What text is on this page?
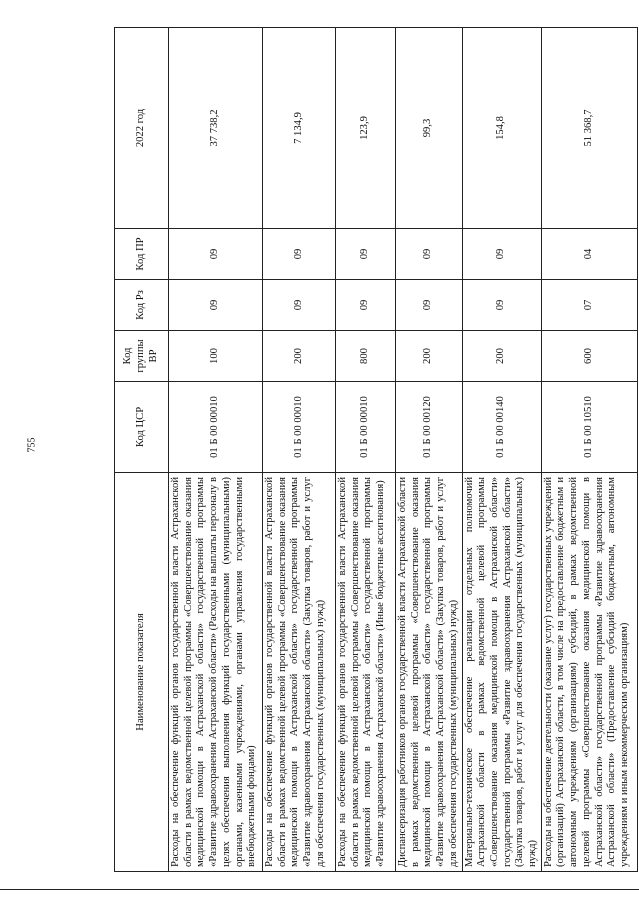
755
Наименование показателя	Код ЦСР	Код группы ВР	Код Рз	Код ПР	2022 год
Расходы на обеспечение функций органов государственной власти Астраханской области в рамках ведомственной целевой программы «Совершенствование оказания медицинской помощи в Астраханской области» государственной программы «Развитие здравоохранения Астраханской области» (Расходы на выплаты персоналу в целях обеспечения выполнения функций государственными (муниципальными) органами, казенными учреждениями, органами управления государственными внебюджетными фондами)	01 Б 00 00010	100	09	09	37 738,2
Расходы на обеспечение функций органов государственной власти Астраханской области в рамках ведомственной целевой программы «Совершенствование оказания медицинской помощи в Астраханской области» государственной программы «Развитие здравоохранения Астраханской области» (Закупка товаров, работ и услуг для обеспечения государственных (муниципальных) нужд)	01 Б 00 00010	200	09	09	7 134,9
Расходы на обеспечение функций органов государственной власти Астраханской области в рамках ведомственной целевой программы «Совершенствование оказания медицинской помощи в Астраханской области» государственной программы «Развитие здравоохранения Астраханской области» (Иные бюджетные ассигнования)	01 Б 00 00010	800	09	09	123,9
Диспансеризация работников органов государственной власти Астраханской области в рамках ведомственной целевой программы «Совершенствование оказания медицинской помощи в Астраханской области» государственной программы «Развитие здравоохранения Астраханской области» (Закупка товаров, работ и услуг для обеспечения государственных (муниципальных) нужд)	01 Б 00 00120	200	09	09	99,3
Материально-техническое обеспечение реализации отдельных полномочий Астраханской области в рамках ведомственной целевой программы «Совершенствование оказания медицинской помощи в Астраханской области» государственной программы «Развитие здравоохранения Астраханской области» (Закупка товаров, работ и услуг для обеспечения государственных (муниципальных) нужд)	01 Б 00 00140	200	09	09	154,8
Расходы на обеспечение деятельности (оказание услуг) государственных учреждений (организаций) Астраханской области, в том числе на предоставление бюджетным и автономным учреждениям (организациям) субсидий, в рамках ведомственной целевой программы «Совершенствование оказания медицинской помощи в Астраханской области» государственной программы «Развитие здравоохранения Астраханской области» (Предоставление субсидий бюджетным, автономным учреждениям и иным некоммерческим организациям)	01 Б 00 10510	600	07	04	51 368,7
